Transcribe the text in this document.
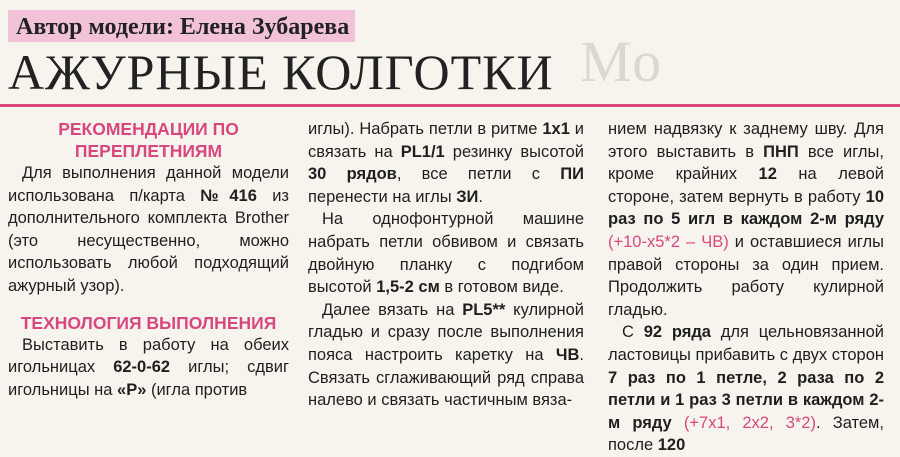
Автор модели: Елена Зубарева
Мо
АЖУРНЫЕ КОЛГОТКИ
РЕКОМЕНДАЦИИ ПО
ПЕРЕПЛЕТНИЯМ

Для выполнения данной модели использована п/карта №416 из дополнительного комплекта Brother (это несущественно, можно использовать любой подходящий ажурный узор).

ТЕХНОЛОГИЯ ВЫПОЛНЕНИЯ

Выставить в работу на обеих игольницах 62-0-62 иглы; сдвиг игольницы на «Р» (игла против

иглы). Набрать петли в ритме 1х1 и связать на PL1/1 резинку высотой 30 рядов, все петли с ПИ перенести на иглы ЗИ.

На однофонтурной машине набрать петли обвивом и связать двойную планку с подгибом высотой 1,5-2 см в готовом виде.

Далее вязать на PL5** кулирной гладью и сразу после выполнения пояса настроить каретку на ЧВ. Связать сглаживающий ряд справа налево и связать частичным вяза-

нием надвязку к заднему шву. Для этого выставить в ПНП все иглы, кроме крайних 12 на левой стороне, затем вернуть в работу 10 раз по 5 игл в каждом 2-м ряду (+10-х5*2 – ЧВ) и оставшиеся иглы правой стороны за один прием. Продолжить работу кулирной гладью.

С 92 ряда для цельновязанной ластовицы прибавить с двух сторон 7 раз по 1 петле, 2 раза по 2 петли и 1 раз 3 петли в каждом 2-м ряду (+7х1, 2х2, 3*2). Затем, после 120
